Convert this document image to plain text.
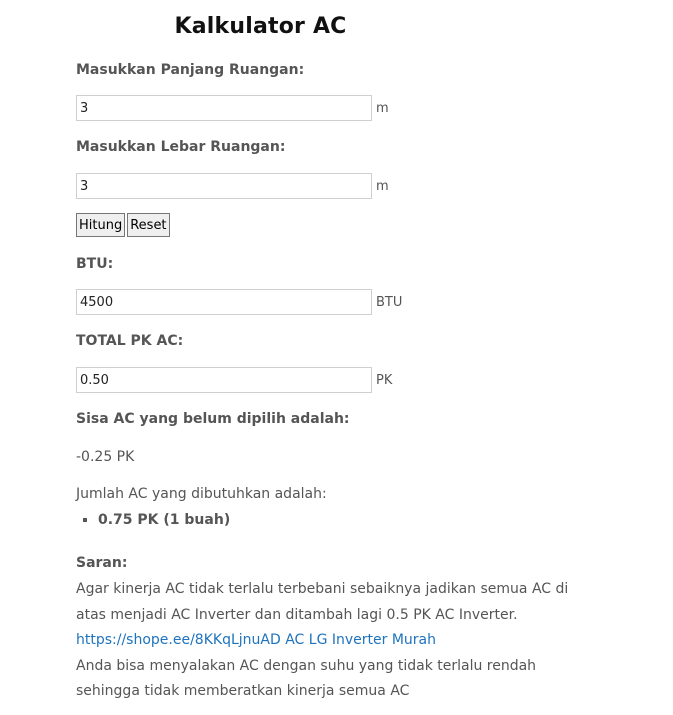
Kalkulator AC

Masukkan Panjang Ruangan:

3
m

Masukkan Lebar Ruangan:

3
m
Hitung Reset

BTU:

4500
BTU

TOTAL PK AC:

0.50
PK

Sisa AC yang belum dipilih adalah:

-0.25 PK

Jumlah AC yang dibutuhkan adalah:

▪ 0.75 PK (1 buah)
Saran:
Agar kinerja AC tidak terlalu terbebani sebaiknya jadikan semua AC di
atas menjadi AC Inverter dan ditambah lagi 0.5 PK AC Inverter.
https://shope.ee/8KKqLjnuAD AC LG Inverter Murah
Anda bisa menyalakan AC dengan suhu yang tidak terlalu rendah
sehingga tidak memberatkan kinerja semua AC
